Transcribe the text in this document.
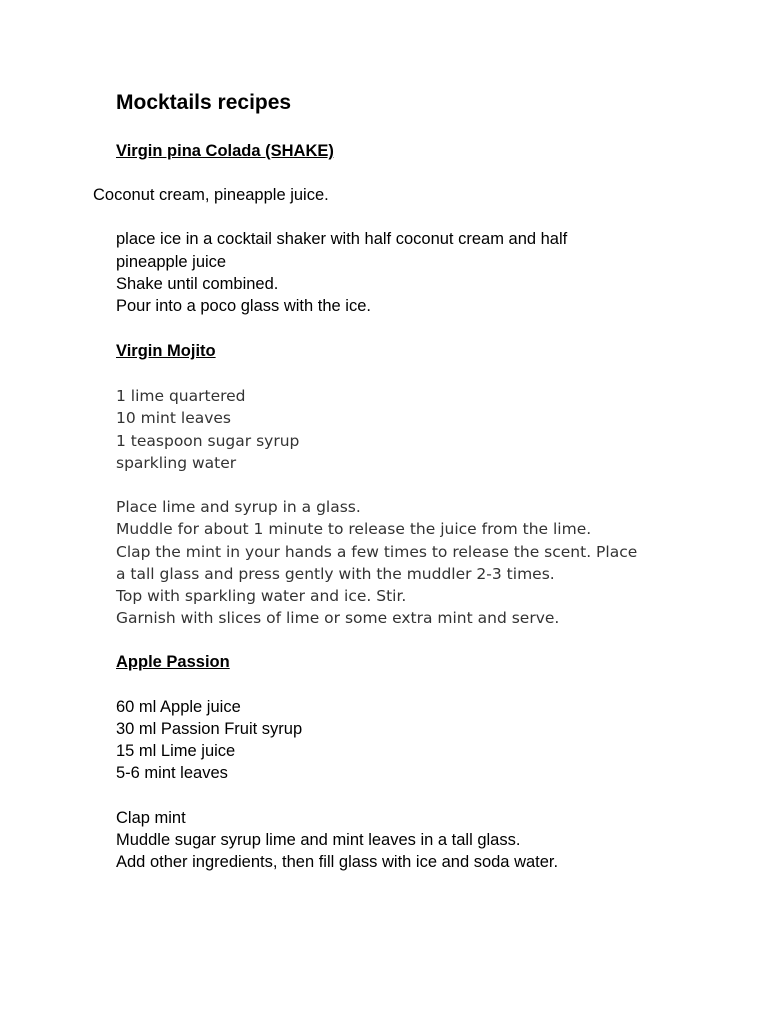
Mocktails recipes
Virgin pina Colada (SHAKE)
Coconut cream, pineapple juice.
place ice in a cocktail shaker with half coconut cream and half
pineapple juice
Shake until combined.
Pour into a poco glass with the ice.
Virgin Mojito
1 lime quartered
10 mint leaves
1 teaspoon sugar syrup
sparkling water
Place lime and syrup in a glass.
Muddle for about 1 minute to release the juice from the lime.
Clap the mint in your hands a few times to release the scent. Place
a tall glass and press gently with the muddler 2-3 times.
Top with sparkling water and ice. Stir.
Garnish with slices of lime or some extra mint and serve.
Apple Passion
60 ml Apple juice
30 ml Passion Fruit syrup
15 ml Lime juice
5-6 mint leaves
Clap mint
Muddle sugar syrup lime and mint leaves in a tall glass.
Add other ingredients, then fill glass with ice and soda water.
